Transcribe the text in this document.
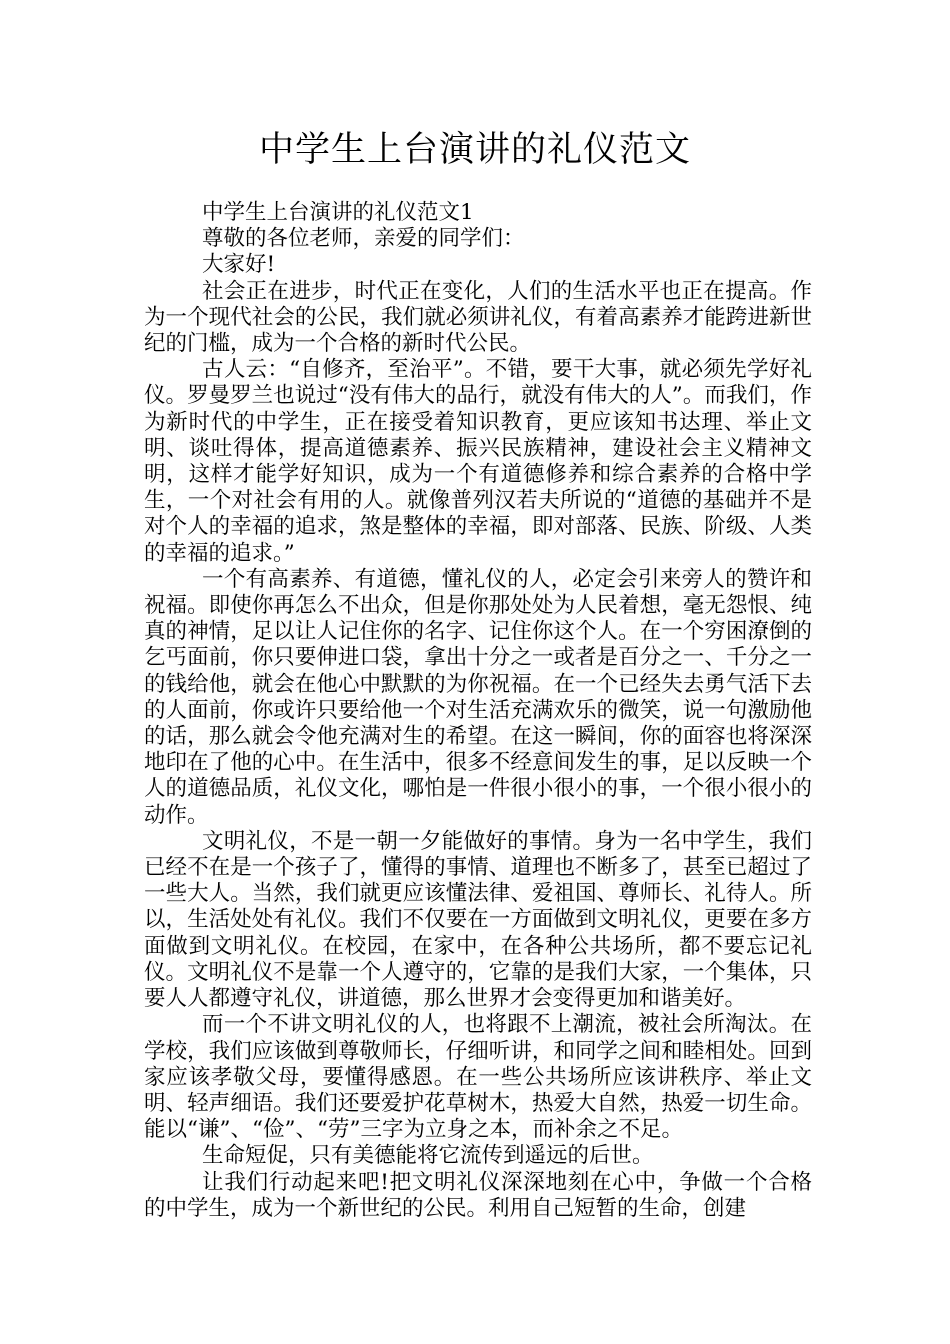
中学生上台演讲的礼仪范文

中学生上台演讲的礼仪范文1

尊敬的各位老师，亲爱的同学们：

大家好!

社会正在进步，时代正在变化，人们的生活水平也正在提高。作为一个现代社会的公民，我们就必须讲礼仪，有着高素养才能跨进新世纪的门槛，成为一个合格的新时代公民。

古人云：“自修齐，至治平”。不错，要干大事，就必须先学好礼仪。罗曼罗兰也说过“没有伟大的品行，就没有伟大的人”。而我们，作为新时代的中学生，正在接受着知识教育，更应该知书达理、举止文明、谈吐得体，提高道德素养、振兴民族精神，建设社会主义精神文明，这样才能学好知识，成为一个有道德修养和综合素养的合格中学生，一个对社会有用的人。就像普列汉若夫所说的“道德的基础并不是对个人的幸福的追求，煞是整体的幸福，即对部落、民族、阶级、人类的幸福的追求。”

一个有高素养、有道德，懂礼仪的人，必定会引来旁人的赞许和祝福。即使你再怎么不出众，但是你那处处为人民着想，毫无怨恨、纯真的神情，足以让人记住你的名字、记住你这个人。在一个穷困潦倒的乞丐面前，你只要伸进口袋，拿出十分之一或者是百分之一、千分之一的钱给他，就会在他心中默默的为你祝福。在一个已经失去勇气活下去的人面前，你或许只要给他一个对生活充满欢乐的微笑，说一句激励他的话，那么就会令他充满对生的希望。在这一瞬间，你的面容也将深深地印在了他的心中。在生活中，很多不经意间发生的事，足以反映一个人的道德品质，礼仪文化，哪怕是一件很小很小的事，一个很小很小的动作。

文明礼仪，不是一朝一夕能做好的事情。身为一名中学生，我们已经不在是一个孩子了，懂得的事情、道理也不断多了，甚至已超过了一些大人。当然，我们就更应该懂法律、爱祖国、尊师长、礼待人。所以，生活处处有礼仪。我们不仅要在一方面做到文明礼仪，更要在多方面做到文明礼仪。在校园，在家中，在各种公共场所，都不要忘记礼仪。文明礼仪不是靠一个人遵守的，它靠的是我们大家，一个集体，只要人人都遵守礼仪，讲道德，那么世界才会变得更加和谐美好。

而一个不讲文明礼仪的人，也将跟不上潮流，被社会所淘汰。在学校，我们应该做到尊敬师长，仔细听讲，和同学之间和睦相处。回到家应该孝敬父母，要懂得感恩。在一些公共场所应该讲秩序、举止文明、轻声细语。我们还要爱护花草树木，热爱大自然，热爱一切生命。能以“谦”、“俭”、“劳”三字为立身之本，而补余之不足。

生命短促，只有美德能将它流传到遥远的后世。

让我们行动起来吧!把文明礼仪深深地刻在心中，争做一个合格的中学生，成为一个新世纪的公民。利用自己短暂的生命，创建
